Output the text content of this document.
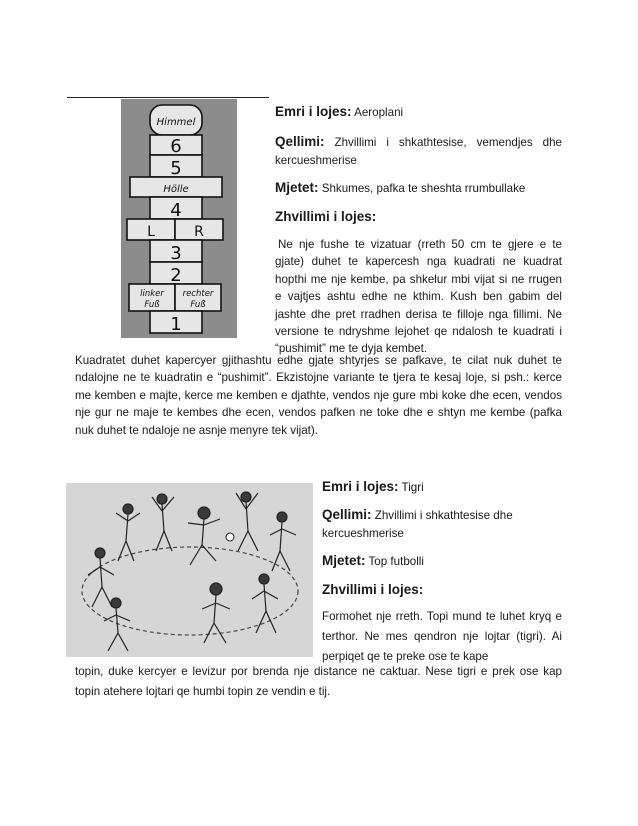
Himmel
6
5
Hölle
4
L	R
3
2
linker rechter
Fuß	Fuß
1

Emri i lojes: Aeroplani

Qellimi: Zhvillimi i shkathtesise, vemendjes dhe kercueshmerise

Mjetet: Shkumes, pafka te sheshta rrumbullake

Zhvillimi i lojes:

Ne nje fushe te vizatuar (rreth 50 cm te gjere e te gjate) duhet te kapercesh nga kuadrati ne kuadrat hopthi me nje kembe, pa shkelur mbi vijat si ne rrugen e vajtjes ashtu edhe ne kthim. Kush ben gabim del jashte dhe pret rradhen derisa te filloje nga fillimi. Ne versione te ndryshme lejohet qe ndalosh te kuadrati i “pushimit” me te dyja kembet.

Kuadratet duhet kapercyer gjithashtu edhe gjate shtyrjes se pafkave, te cilat nuk duhet te ndalojne ne te kuadratin e “pushimit”. Ekzistojne variante te tjera te kesaj loje, si psh.: kerce me kemben e majte, kerce me kemben e djathte, vendos nje gure mbi koke dhe ecen, vendos nje gur ne maje te kembes dhe ecen, vendos pafken ne toke dhe e shtyn me kembe (pafka nuk duhet te ndaloje ne asnje menyre tek vijat).

Emri i lojes: Tigri

Qellimi: Zhvillimi i shkathtesise dhe kercueshmerise

Mjetet: Top futbolli

Zhvillimi i lojes:

Formohet nje rreth. Topi mund te luhet kryq e terthor. Ne mes qendron nje lojtar (tigri). Ai perpiqet qe te preke ose te kape

topin, duke kercyer e levizur por brenda nje distance ne caktuar. Nese tigri e prek ose kap topin atehere lojtari qe humbi topin ze vendin e tij.
